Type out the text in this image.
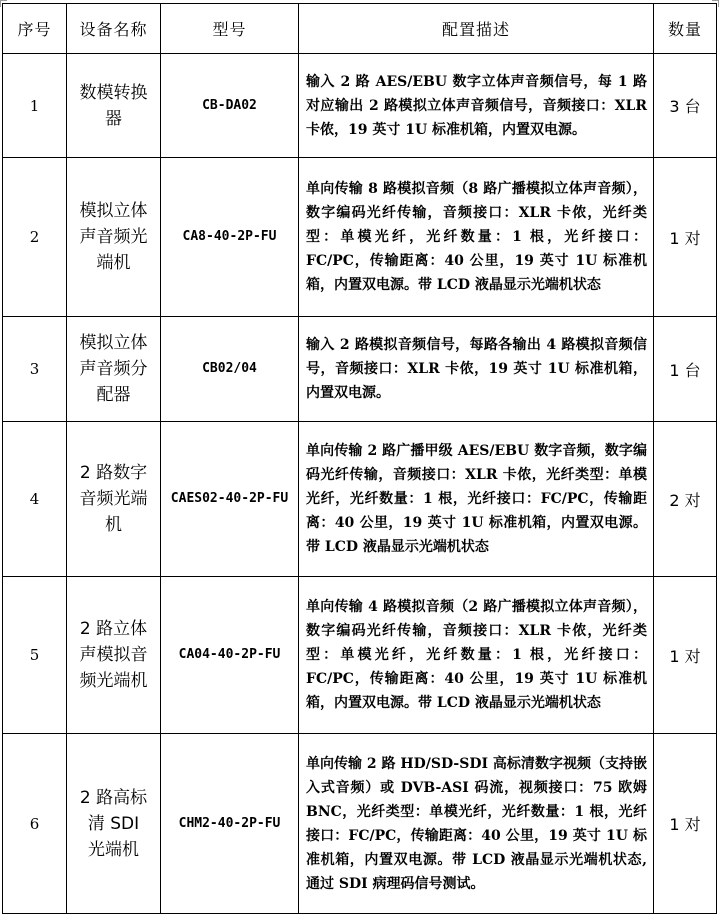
序号	设备名称	型号	配置描述	数量
1	数模转换器	CB-DA02	输入 2 路 AES/EBU 数字立体声音频信号，每 1 路对应输出 2 路模拟立体声音频信号，音频接口：XLR 卡侬，19 英寸 1U 标准机箱，内置双电源。	3 台
2	模拟立体声音频光端机	CA8-40-2P-FU	单向传输 8 路模拟音频（8 路广播模拟立体声音频），数字编码光纤传输，音频接口：XLR 卡侬，光纤类型：单模光纤，光纤数量：1 根，光纤接口：FC/PC，传输距离：40 公里，19 英寸 1U 标准机箱，内置双电源。带 LCD 液晶显示光端机状态	1 对
3	模拟立体声音频分配器	CB02/04	输入 2 路模拟音频信号，每路各输出 4 路模拟音频信号，音频接口：XLR 卡侬，19 英寸 1U 标准机箱，内置双电源。	1 台
4	2 路数字音频光端机	CAES02-40-2P-FU	单向传输 2 路广播甲级 AES/EBU 数字音频，数字编码光纤传输，音频接口：XLR 卡侬，光纤类型：单模光纤，光纤数量：1 根，光纤接口：FC/PC，传输距离：40 公里，19 英寸 1U 标准机箱，内置双电源。带 LCD 液晶显示光端机状态	2 对
5	2 路立体声模拟音频光端机	CA04-40-2P-FU	单向传输 4 路模拟音频（2 路广播模拟立体声音频），数字编码光纤传输，音频接口：XLR 卡侬，光纤类型：单模光纤，光纤数量：1 根，光纤接口：FC/PC，传输距离：40 公里，19 英寸 1U 标准机箱，内置双电源。带 LCD 液晶显示光端机状态	1 对
6	2 路高标清 SDI 光端机	CHM2-40-2P-FU	单向传输 2 路 HD/SD-SDI 高标清数字视频（支持嵌入式音频）或 DVB-ASI 码流，视频接口：75 欧姆 BNC，光纤类型：单模光纤，光纤数量：1 根，光纤接口：FC/PC，传输距离：40 公里，19 英寸 1U 标准机箱，内置双电源。带 LCD 液晶显示光端机状态,通过 SDI 病理码信号测试。	1 对
